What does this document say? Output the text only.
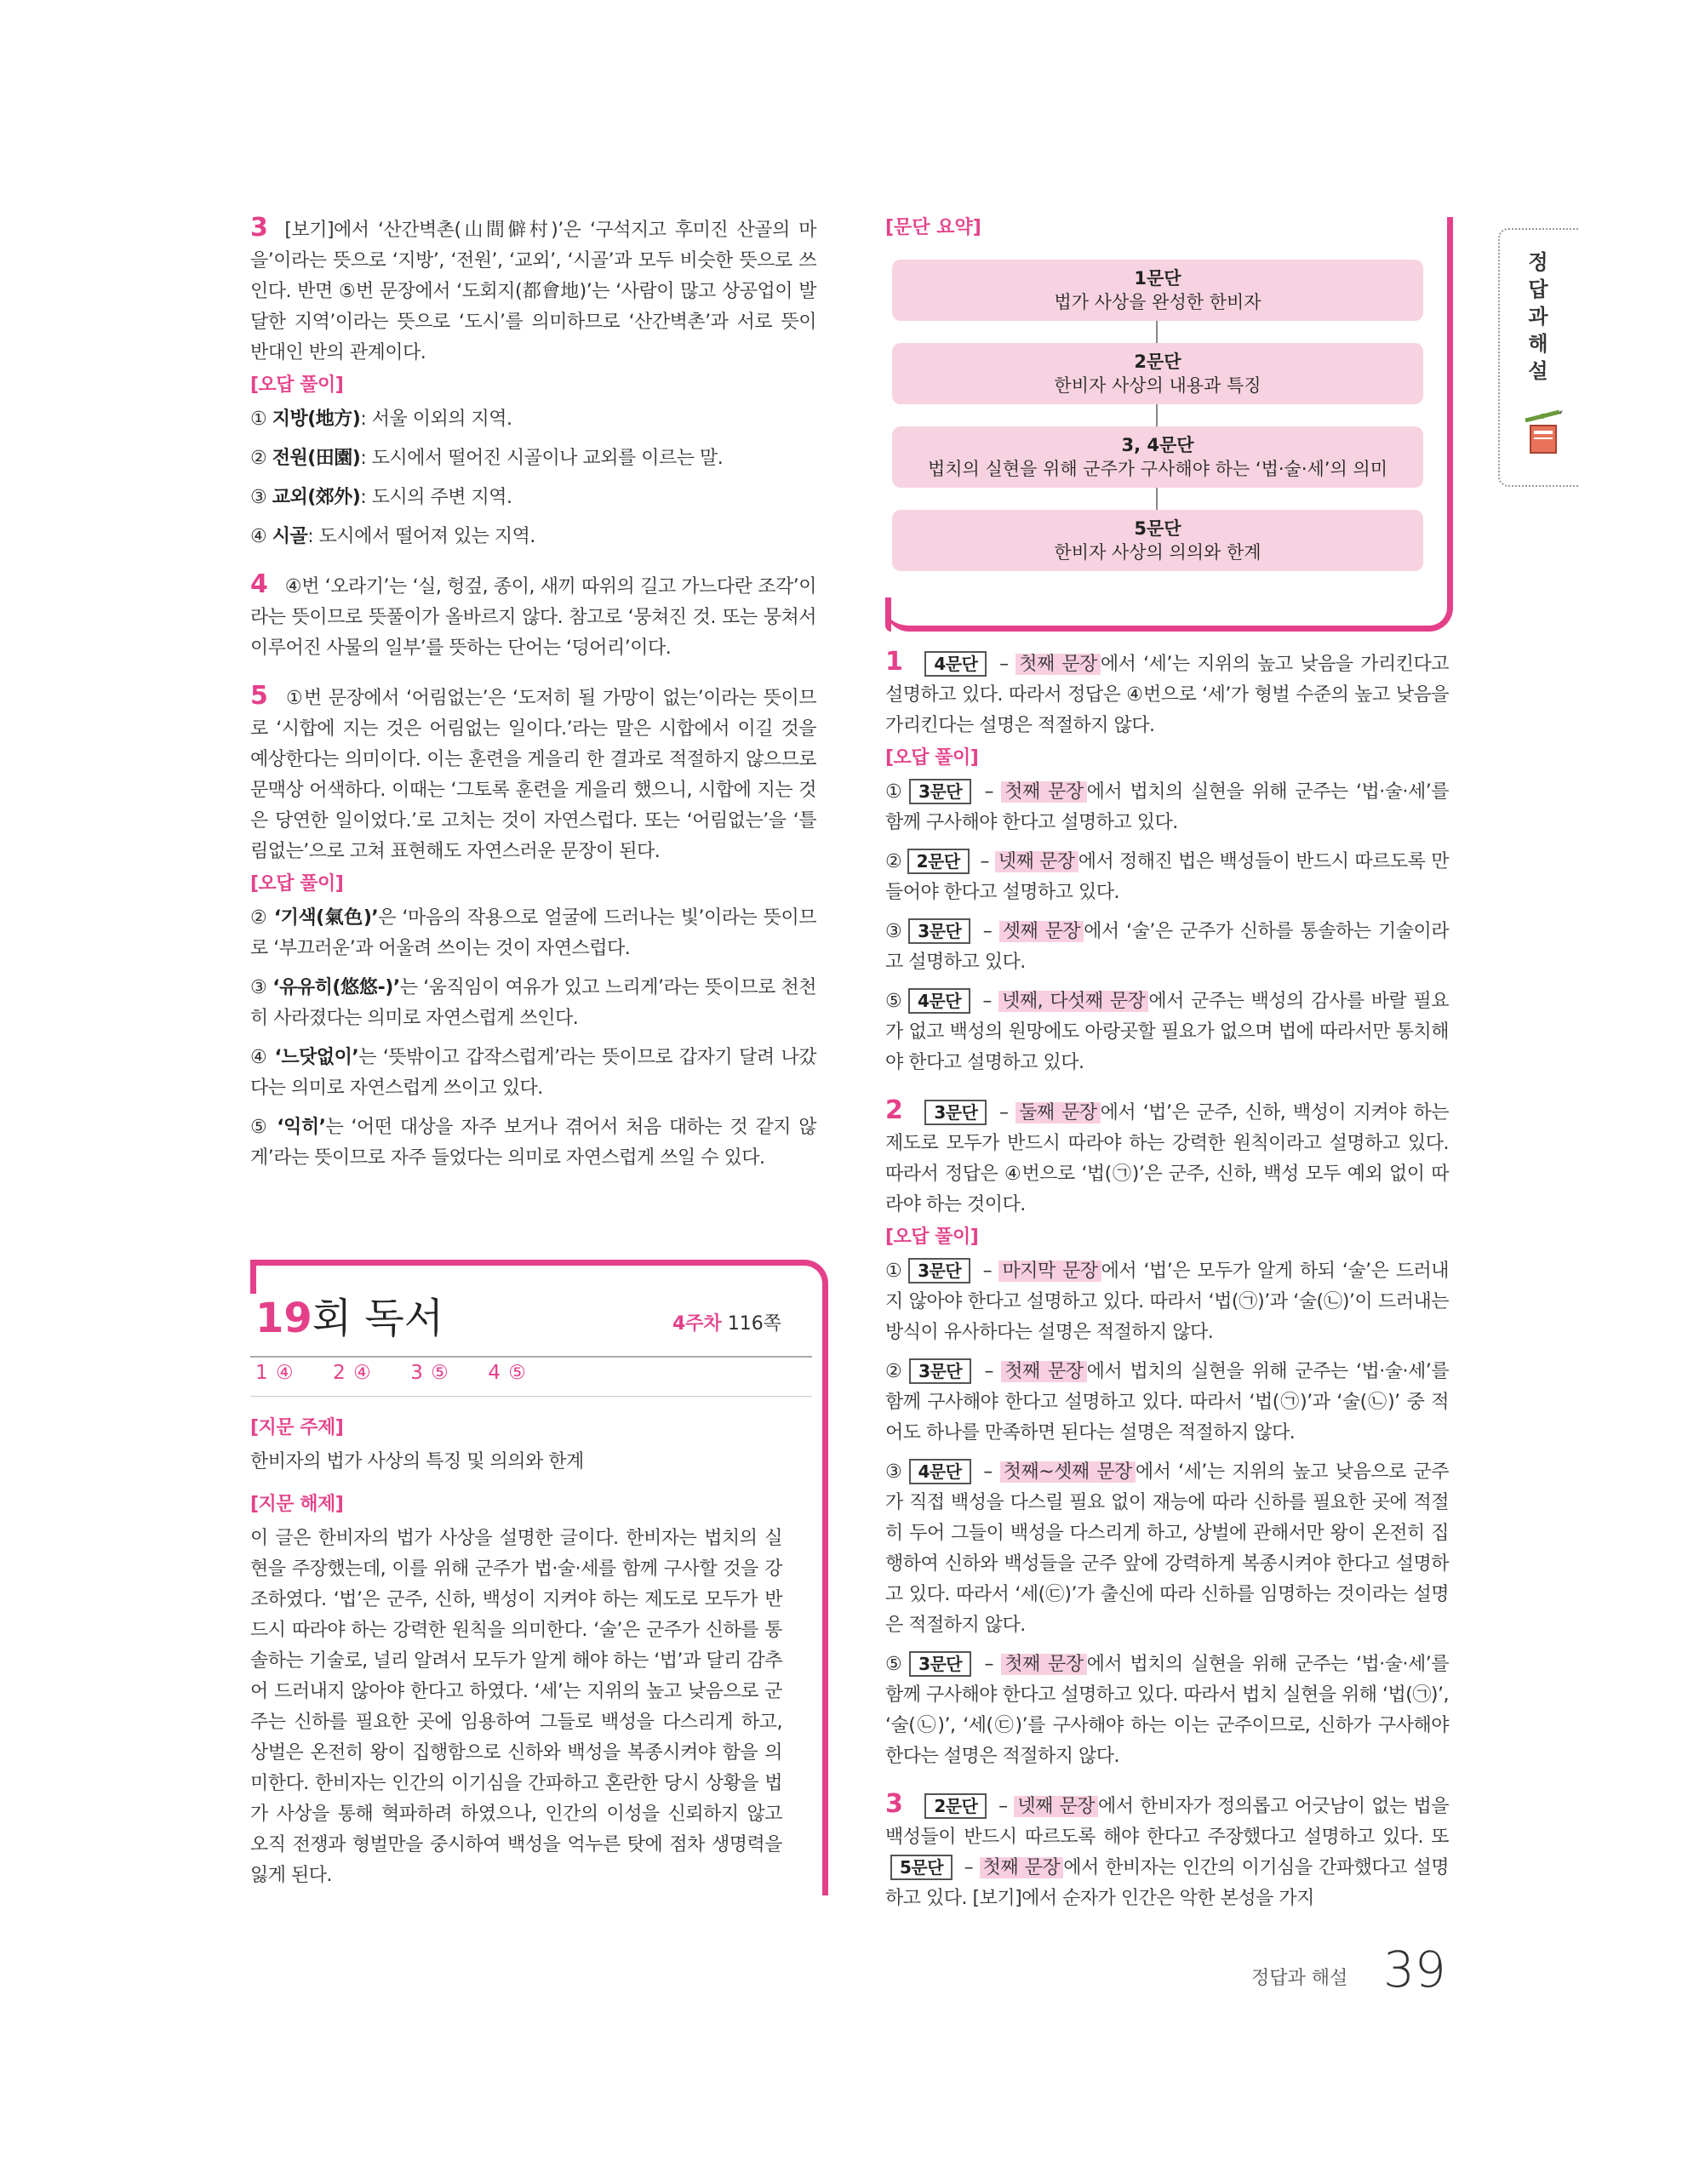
3 [보기]에서 ‘산간벽촌(山間僻村)’은 ‘구석지고 후미진 산골의 마을’이라는 뜻으로 ‘지방’, ‘전원’, ‘교외’, ‘시골’과 모두 비슷한 뜻으로 쓰인다. 반면 ⑤번 문장에서 ‘도회지(都會地)’는 ‘사람이 많고 상공업이 발달한 지역’이라는 뜻으로 ‘도시’를 의미하므로 ‘산간벽촌’과 서로 뜻이 반대인 반의 관계이다.

[오답 풀이]

① 지방(地方): 서울 이외의 지역.

② 전원(田園): 도시에서 떨어진 시골이나 교외를 이르는 말.

③ 교외(郊外): 도시의 주변 지역.

④ 시골: 도시에서 떨어져 있는 지역.

4 ④번 ‘오라기’는 ‘실, 헝겊, 종이, 새끼 따위의 길고 가느다란 조각’이라는 뜻이므로 뜻풀이가 올바르지 않다. 참고로 ‘뭉쳐진 것. 또는 뭉쳐서 이루어진 사물의 일부’를 뜻하는 단어는 ‘덩어리’이다.

5 ①번 문장에서 ‘어림없는’은 ‘도저히 될 가망이 없는’이라는 뜻이므로 ‘시합에 지는 것은 어림없는 일이다.’라는 말은 시합에서 이길 것을 예상한다는 의미이다. 이는 훈련을 게을리 한 결과로 적절하지 않으므로 문맥상 어색하다. 이때는 ‘그토록 훈련을 게을리 했으니, 시합에 지는 것은 당연한 일이었다.’로 고치는 것이 자연스럽다. 또는 ‘어림없는’을 ‘틀림없는’으로 고쳐 표현해도 자연스러운 문장이 된다.

[오답 풀이]

② ‘기색(氣色)’은 ‘마음의 작용으로 얼굴에 드러나는 빛’이라는 뜻이므로 ‘부끄러운’과 어울려 쓰이는 것이 자연스럽다.

③ ‘유유히(悠悠-)’는 ‘움직임이 여유가 있고 느리게’라는 뜻이므로 천천히 사라졌다는 의미로 자연스럽게 쓰인다.

④ ‘느닷없이’는 ‘뜻밖이고 갑작스럽게’라는 뜻이므로 갑자기 달려 나갔다는 의미로 자연스럽게 쓰이고 있다.

⑤ ‘익히’는 ‘어떤 대상을 자주 보거나 겪어서 처음 대하는 것 같지 않게’라는 뜻이므로 자주 들었다는 의미로 자연스럽게 쓰일 수 있다.

19회 독서	4주차 116쪽
1 ④     2 ④     3 ⑤     4 ⑤
[지문 주제]

한비자의 법가 사상의 특징 및 의의와 한계

[지문 해제]

이 글은 한비자의 법가 사상을 설명한 글이다. 한비자는 법치의 실현을 주장했는데, 이를 위해 군주가 법·술·세를 함께 구사할 것을 강조하였다. ‘법’은 군주, 신하, 백성이 지켜야 하는 제도로 모두가 반드시 따라야 하는 강력한 원칙을 의미한다. ‘술’은 군주가 신하를 통솔하는 기술로, 널리 알려서 모두가 알게 해야 하는 ‘법’과 달리 감추어 드러내지 않아야 한다고 하였다. ‘세’는 지위의 높고 낮음으로 군주는 신하를 필요한 곳에 임용하여 그들로 백성을 다스리게 하고, 상벌은 온전히 왕이 집행함으로 신하와 백성을 복종시켜야 함을 의미한다. 한비자는 인간의 이기심을 간파하고 혼란한 당시 상황을 법가 사상을 통해 혁파하려 하였으나, 인간의 이성을 신뢰하지 않고 오직 전쟁과 형벌만을 중시하여 백성을 억누른 탓에 점차 생명력을 잃게 된다.

[문단 요약]
1문단
법가 사상을 완성한 한비자
2문단
한비자 사상의 내용과 특징
3, 4문단
법치의 실현을 위해 군주가 구사해야 하는 ‘법·술·세’의 의미
5문단
한비자 사상의 의의와 한계

1 4문단 – 첫째 문장 에서 ‘세’는 지위의 높고 낮음을 가리킨다고 설명하고 있다. 따라서 정답은 ④번으로 ‘세’가 형벌 수준의 높고 낮음을 가리킨다는 설명은 적절하지 않다.

[오답 풀이]

① 3문단 – 첫째 문장 에서 법치의 실현을 위해 군주는 ‘법·술·세’를 함께 구사해야 한다고 설명하고 있다.

② 2문단 – 넷째 문장 에서 정해진 법은 백성들이 반드시 따르도록 만들어야 한다고 설명하고 있다.

③ 3문단 – 셋째 문장 에서 ‘술’은 군주가 신하를 통솔하는 기술이라고 설명하고 있다.

⑤ 4문단 – 넷째, 다섯째 문장 에서 군주는 백성의 감사를 바랄 필요가 없고 백성의 원망에도 아랑곳할 필요가 없으며 법에 따라서만 통치해야 한다고 설명하고 있다.

2 3문단 – 둘째 문장 에서 ‘법’은 군주, 신하, 백성이 지켜야 하는 제도로 모두가 반드시 따라야 하는 강력한 원칙이라고 설명하고 있다. 따라서 정답은 ④번으로 ‘법(㉠)’은 군주, 신하, 백성 모두 예외 없이 따라야 하는 것이다.

[오답 풀이]

① 3문단 – 마지막 문장 에서 ‘법’은 모두가 알게 하되 ‘술’은 드러내지 않아야 한다고 설명하고 있다. 따라서 ‘법(㉠)’과 ‘술(㉡)’이 드러내는 방식이 유사하다는 설명은 적절하지 않다.

② 3문단 – 첫째 문장 에서 법치의 실현을 위해 군주는 ‘법·술·세’를 함께 구사해야 한다고 설명하고 있다. 따라서 ‘법(㉠)’과 ‘술(㉡)’ 중 적어도 하나를 만족하면 된다는 설명은 적절하지 않다.

③ 4문단 – 첫째~셋째 문장 에서 ‘세’는 지위의 높고 낮음으로 군주가 직접 백성을 다스릴 필요 없이 재능에 따라 신하를 필요한 곳에 적절히 두어 그들이 백성을 다스리게 하고, 상벌에 관해서만 왕이 온전히 집행하여 신하와 백성들을 군주 앞에 강력하게 복종시켜야 한다고 설명하고 있다. 따라서 ‘세(㉢)’가 출신에 따라 신하를 임명하는 것이라는 설명은 적절하지 않다.

⑤ 3문단 – 첫째 문장 에서 법치의 실현을 위해 군주는 ‘법·술·세’를 함께 구사해야 한다고 설명하고 있다. 따라서 법치 실현을 위해 ‘법(㉠)’, ‘술(㉡)’, ‘세(㉢)’를 구사해야 하는 이는 군주이므로, 신하가 구사해야 한다는 설명은 적절하지 않다.

3 2문단 – 넷째 문장 에서 한비자가 정의롭고 어긋남이 없는 법을 백성들이 반드시 따르도록 해야 한다고 주장했다고 설명하고 있다. 또 5문단 – 첫째 문장 에서 한비자는 인간의 이기심을 간파했다고 설명하고 있다. [보기]에서 순자가 인간은 악한 본성을 가지

정답과해설
정답과 해설 39
